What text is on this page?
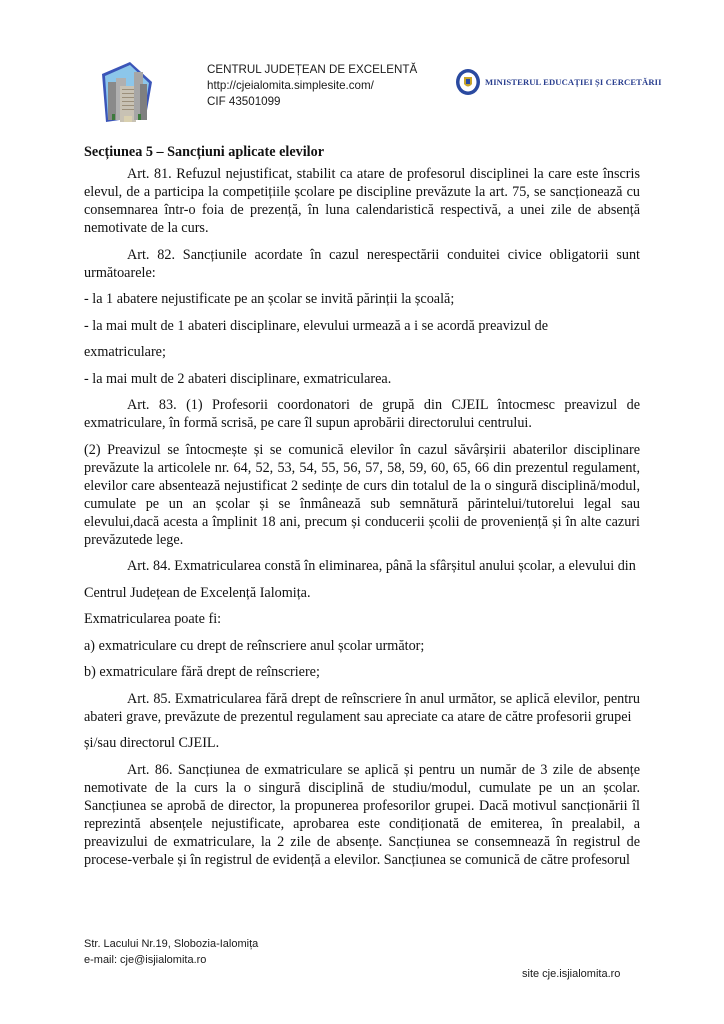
CENTRUL JUDEȚEAN DE EXCELENTĂ
http://cjeialomita.simplesite.com/
CIF 43501099
MINISTERUL EDUCAȚIEI ȘI CERCETĂRII
Secțiunea 5 – Sancțiuni aplicate elevilor

Art. 81. Refuzul nejustificat, stabilit ca atare de profesorul disciplinei la care este înscris elevul, de a participa la competițiile școlare pe discipline prevăzute la art. 75, se sancționează cu consemnarea într-o foia de prezență, în luna calendaristică respectivă, a unei zile de absență nemotivate de la curs.

Art. 82. Sancțiunile acordate în cazul nerespectării conduitei civice obligatorii sunt următoarele:

- la 1 abatere nejustificate pe an școlar se invită părinții la școală;

- la mai mult de 1 abateri disciplinare, elevului urmează a i se acordă preavizul de

exmatriculare;

- la mai mult de 2 abateri disciplinare, exmatricularea.

Art. 83. (1) Profesorii coordonatori de grupă din CJEIL întocmesc preavizul de exmatriculare, în formă scrisă, pe care îl supun aprobării directorului centrului.

(2) Preavizul se întocmește și se comunică elevilor în cazul săvârșirii abaterilor disciplinare prevăzute la articolele nr. 64, 52, 53, 54, 55, 56, 57, 58, 59, 60, 65, 66 din prezentul regulament, elevilor care absentează nejustificat 2 sedințe de curs din totalul de la o singură disciplină/modul, cumulate pe un an școlar și se înmânează sub semnătură părintelui/tutorelui legal sau elevului,dacă acesta a împlinit 18 ani, precum și conducerii școlii de proveniență și în alte cazuri prevăzutede lege.

Art. 84. Exmatricularea constă în eliminarea, până la sfârșitul anului școlar, a elevului din

Centrul Județean de Excelență Ialomița.

Exmatricularea poate fi:

a) exmatriculare cu drept de reînscriere anul școlar următor;

b) exmatriculare fără drept de reînscriere;

Art. 85. Exmatricularea fără drept de reînscriere în anul următor, se aplică elevilor, pentru abateri grave, prevăzute de prezentul regulament sau apreciate ca atare de către profesorii grupei

și/sau directorul CJEIL.

Art. 86. Sancțiunea de exmatriculare se aplică și pentru un număr de 3 zile de absențe nemotivate de la curs la o singură disciplină de studiu/modul, cumulate pe un an școlar. Sancțiunea se aprobă de director, la propunerea profesorilor grupei. Dacă motivul sancționării îl reprezintă absențele nejustificate, aprobarea este condiționată de emiterea, în prealabil, a preavizului de exmatriculare, la 2 zile de absențe. Sancțiunea se consemnează în registrul de procese-verbale și în registrul de evidență a elevilor. Sancțiunea se comunică de către profesorul

Str. Lacului Nr.19, Slobozia-Ialomița
e-mail: cje@isjialomita.ro
site cje.isjialomita.ro
